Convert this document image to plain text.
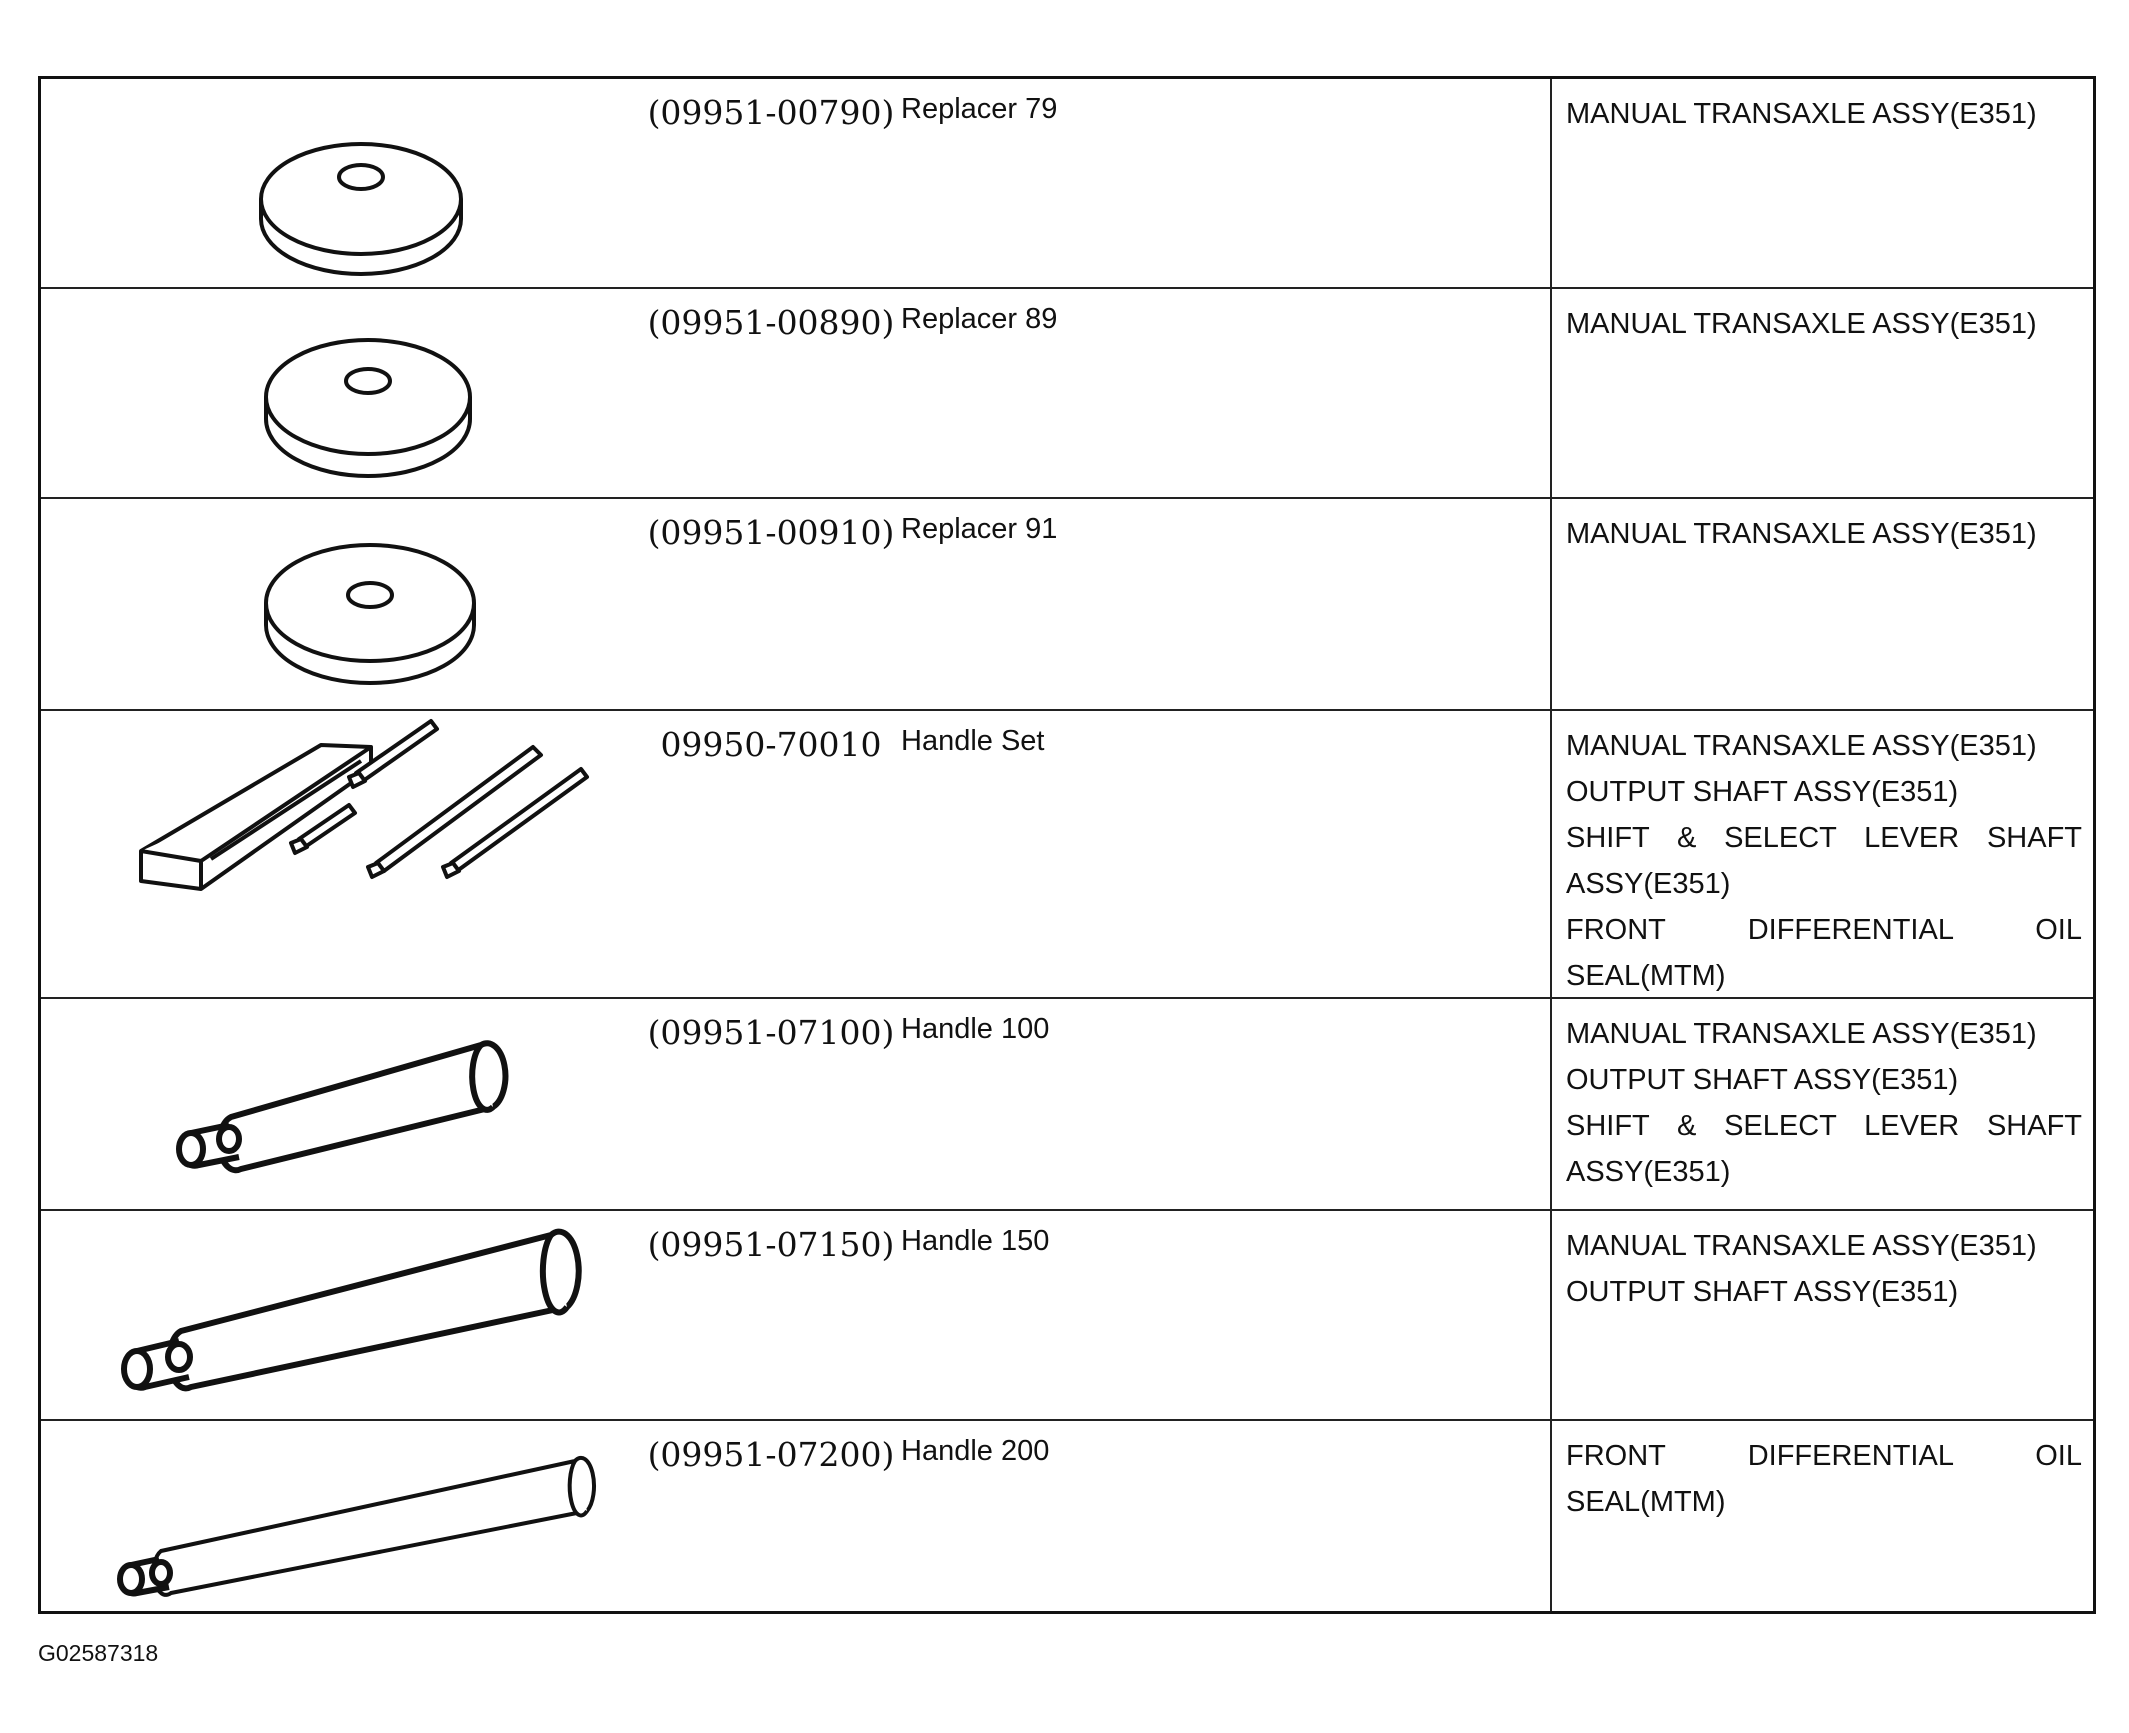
(09951-00790) Replacer 79	MANUAL TRANSAXLE ASSY(E351)

(09951-00890) Replacer 89	MANUAL TRANSAXLE ASSY(E351)

(09951-00910) Replacer 91	MANUAL TRANSAXLE ASSY(E351)

09950-70010 Handle Set	MANUAL TRANSAXLE ASSY(E351)

OUTPUT SHAFT ASSY(E351)

SHIFT & SELECT LEVER SHAFT

ASSY(E351)

FRONT DIFFERENTIAL OIL

SEAL(MTM)

(09951-07100) Handle 100	MANUAL TRANSAXLE ASSY(E351)

OUTPUT SHAFT ASSY(E351)

SHIFT & SELECT LEVER SHAFT

ASSY(E351)

(09951-07150) Handle 150	MANUAL TRANSAXLE ASSY(E351)

OUTPUT SHAFT ASSY(E351)

(09951-07200) Handle 200	FRONT DIFFERENTIAL OIL

SEAL(MTM)

G02587318
